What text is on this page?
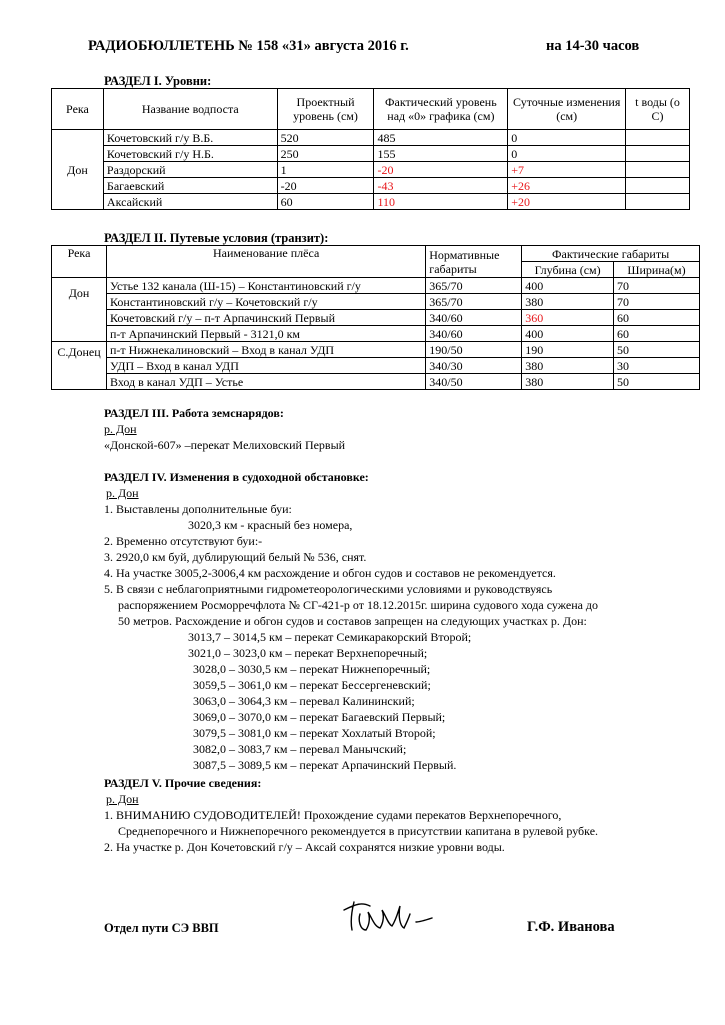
РАДИОБЮЛЛЕТЕНЬ № 158 «31» августа 2016 г.	на 14-30 часов
РАЗДЕЛ I. Уровни:
Река	Название водпоста	Проектный уровень (см)	Фактический уровень над «0» графика (см)	Суточные изменения (см)	t воды (о С)
Дон	Кочетовский г/у В.Б.	520	485	0	
	Кочетовский г/у Н.Б.	250	155	0	
	Раздорский	1	-20	+7	
	Багаевский	-20	-43	+26	
	Аксайский	60	110	+20	
РАЗДЕЛ II. Путевые условия (транзит):
Река	Наименование плёса	Нормативные габариты	Фактические габариты	
			Глубина (см)	Ширина(м)
Дон	Устье 132 канала (Ш-15) – Константиновский г/у	365/70	400	70
	Константиновский г/у – Кочетовский г/у	365/70	380	70
	Кочетовский г/у – п-т Арпачинский Первый	340/60	360	60
	п-т Арпачинский Первый - 3121,0 км	340/60	400	60
С.Донец	п-т Нижнекалиновский – Вход в канал УДП	190/50	190	50
	УДП – Вход в канал УДП	340/30	380	30
	Вход в канал УДП – Устье	340/50	380	50
РАЗДЕЛ III. Работа земснарядов:
р. Дон
«Донской-607» –перекат Мелиховский Первый
РАЗДЕЛ IV. Изменения в судоходной обстановке:
р. Дон
1. Выставлены дополнительные буи:
3020,3 км - красный без номера,
2. Временно отсутствуют буи:-
3. 2920,0 км буй, дублирующий белый № 536, снят.
4. На участке 3005,2-3006,4 км расхождение и обгон судов и составов не рекомендуется.
5. В связи с неблагоприятными гидрометеорологическими условиями и руководствуясь
распоряжением Росморречфлота № СГ-421-р от 18.12.2015г. ширина судового хода сужена до
50 метров. Расхождение и обгон судов и составов запрещен на следующих участках р. Дон:
3013,7 – 3014,5 км – перекат Семикаракорский Второй;
3021,0 – 3023,0 км – перекат Верхнепоречный;
3028,0 – 3030,5 км – перекат Нижнепоречный;
3059,5 – 3061,0 км – перекат Бессергеневский;
3063,0 – 3064,3 км – перевал Калининский;
3069,0 – 3070,0 км – перекат Багаевский Первый;
3079,5 – 3081,0 км – перекат Хохлатый Второй;
3082,0 – 3083,7 км – перевал Манычский;
3087,5 – 3089,5 км – перекат Арпачинский Первый.
РАЗДЕЛ V. Прочие сведения:
р. Дон
1. ВНИМАНИЮ СУДОВОДИТЕЛЕЙ! Прохождение судами перекатов Верхнепоречного,
Среднепоречного и Нижнепоречного рекомендуется в присутствии капитана в рулевой рубке.
2. На участке р. Дон Кочетовский г/у – Аксай сохранятся низкие уровни воды.
Отдел пути СЭ ВВП	Г.Ф. Иванова
